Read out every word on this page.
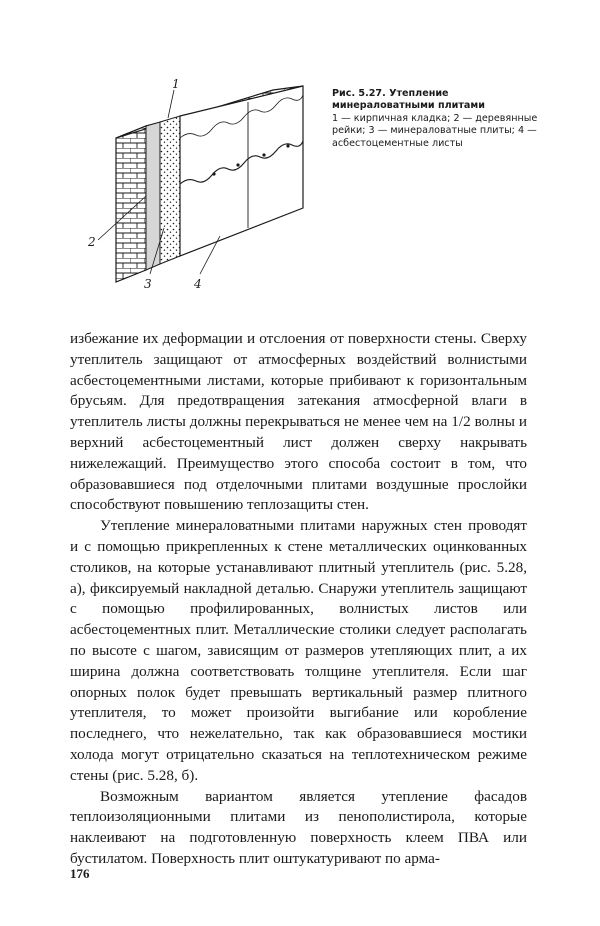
1
2
3	4

Рис. 5.27. Утепление минераловатными плитами

1 — кирпичная кладка; 2 — деревянные рейки; 3 — минераловатные плиты; 4 — асбестоцементные листы

избежание их деформации и отслоения от поверхности стены. Сверху утеплитель защищают от атмосферных воздействий волнистыми асбестоцементными листами, которые прибивают к горизонтальным брусьям. Для предотвращения затекания атмосферной влаги в утеплитель листы должны перекрываться не менее чем на 1/2 волны и верхний асбестоцементный лист должен сверху накрывать нижележащий. Преимущество этого способа состоит в том, что образовавшиеся под отделочными плитами воздушные прослойки способствуют повышению теплозащиты стен.

Утепление минераловатными плитами наружных стен проводят и с помощью прикрепленных к стене металлических оцинкованных столиков, на которые устанавливают плитный утеплитель (рис. 5.28, а), фиксируемый накладной деталью. Снаружи утеплитель защищают с помощью профилированных, волнистых листов или асбестоцементных плит. Металлические столики следует располагать по высоте с шагом, зависящим от размеров утепляющих плит, а их ширина должна соответствовать толщине утеплителя. Если шаг опорных полок будет превышать вертикальный размер плитного утеплителя, то может произойти выгибание или коробление последнего, что нежелательно, так как образовавшиеся мостики холода могут отрицательно сказаться на теплотехническом режиме стены (рис. 5.28, б).

Возможным вариантом является утепление фасадов теплоизоляционными плитами из пенополистирола, которые наклеивают на подготовленную поверхность клеем ПВА или бустилатом. Поверхность плит оштукатуривают по арма-

176
